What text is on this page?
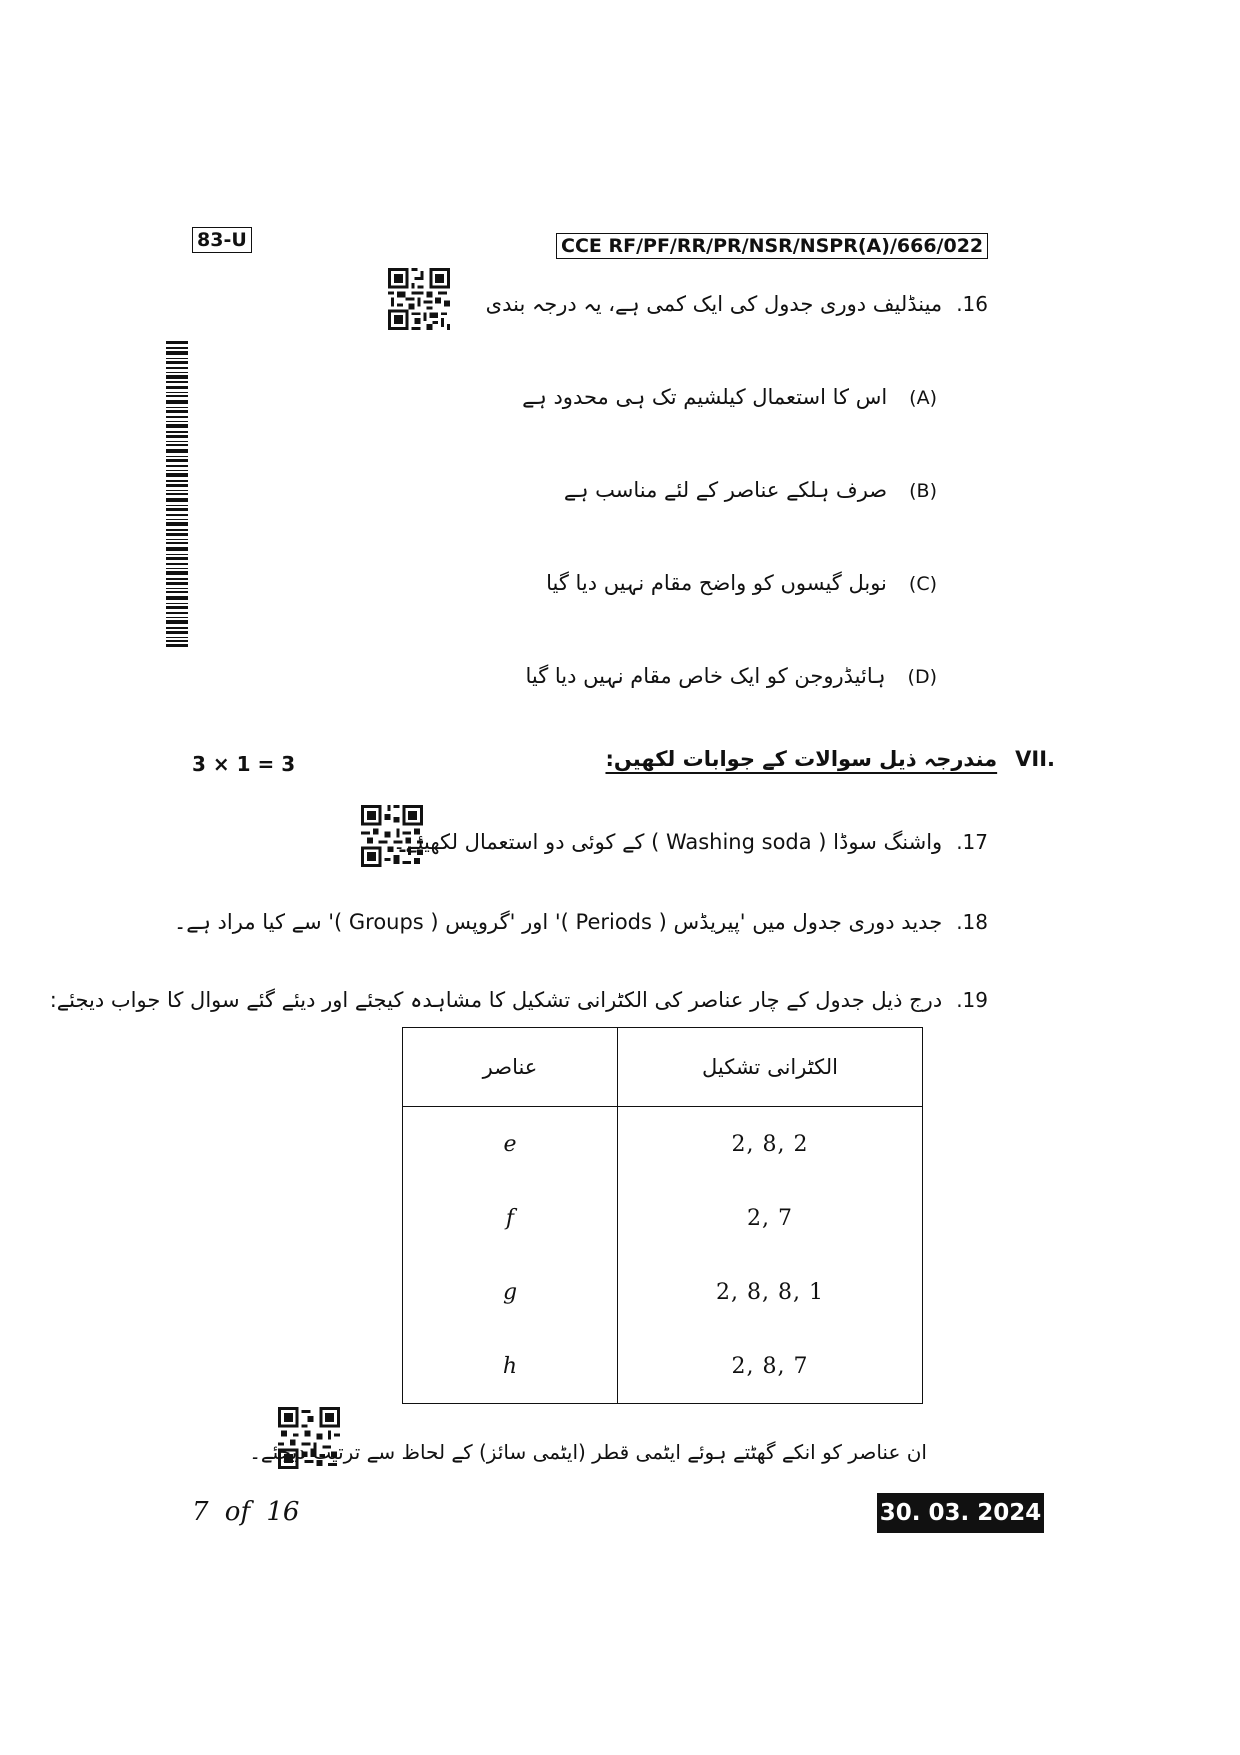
83-U	CCE RF/PF/RR/PR/NSR/NSPR(A)/666/022
.16
مینڈلیف دوری جدول کی ایک کمی ہے، یہ درجہ بندی
(A)
اس کا استعمال کیلشیم تک ہی محدود ہے
(B)
صرف ہلکے عناصر کے لئے مناسب ہے
(C)
نوبل گیسوں کو واضح مقام نہیں دیا گیا
(D)
ہائیڈروجن کو ایک خاص مقام نہیں دیا گیا
3 × 1 = 3	VII.
مندرجہ ذیل سوالات کے جوابات لکھیں:
.17
واشنگ سوڈا ( Washing soda ) کے کوئی دو استعمال لکھیئے۔
.18
جدید دوری جدول میں 'پیریڈس ( Periods )' اور 'گروپس ( Groups )' سے کیا مراد ہے۔
.19
درج ذیل جدول کے چار عناصر کی الکٹرانی تشکیل کا مشاہدہ کیجئے اور دیئے گئے سوال کا جواب دیجئے:
عناصر	الکٹرانی تشکیل
e	2, 8, 2
f	2, 7
g	2, 8, 8, 1
h	2, 8, 7
ان عناصر کو انکے گھٹتے ہوئے ایٹمی قطر (ایٹمی سائز) کے لحاظ سے ترتیب دیجئے۔
7 of 16	30. 03. 2024
